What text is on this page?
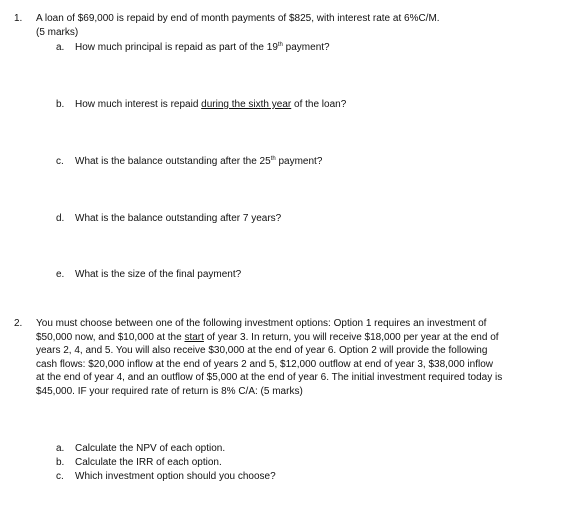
1. A loan of $69,000 is repaid by end of month payments of $825, with interest rate at 6%C/M.
(5 marks)
a. How much principal is repaid as part of the 19th payment?
b. How much interest is repaid during the sixth year of the loan?
c. What is the balance outstanding after the 25th payment?
d. What is the balance outstanding after 7 years?
e. What is the size of the final payment?
2. You must choose between one of the following investment options: Option 1 requires an investment of $50,000 now, and $10,000 at the start of year 3. In return, you will receive $18,000 per year at the end of years 2, 4, and 5. You will also receive $30,000 at the end of year 6. Option 2 will provide the following cash flows: $20,000 inflow at the end of years 2 and 5, $12,000 outflow at end of year 3, $38,000 inflow at the end of year 4, and an outflow of $5,000 at the end of year 6. The initial investment required today is $45,000. IF your required rate of return is 8% C/A: (5 marks)
a. Calculate the NPV of each option.
b. Calculate the IRR of each option.
c. Which investment option should you choose?
